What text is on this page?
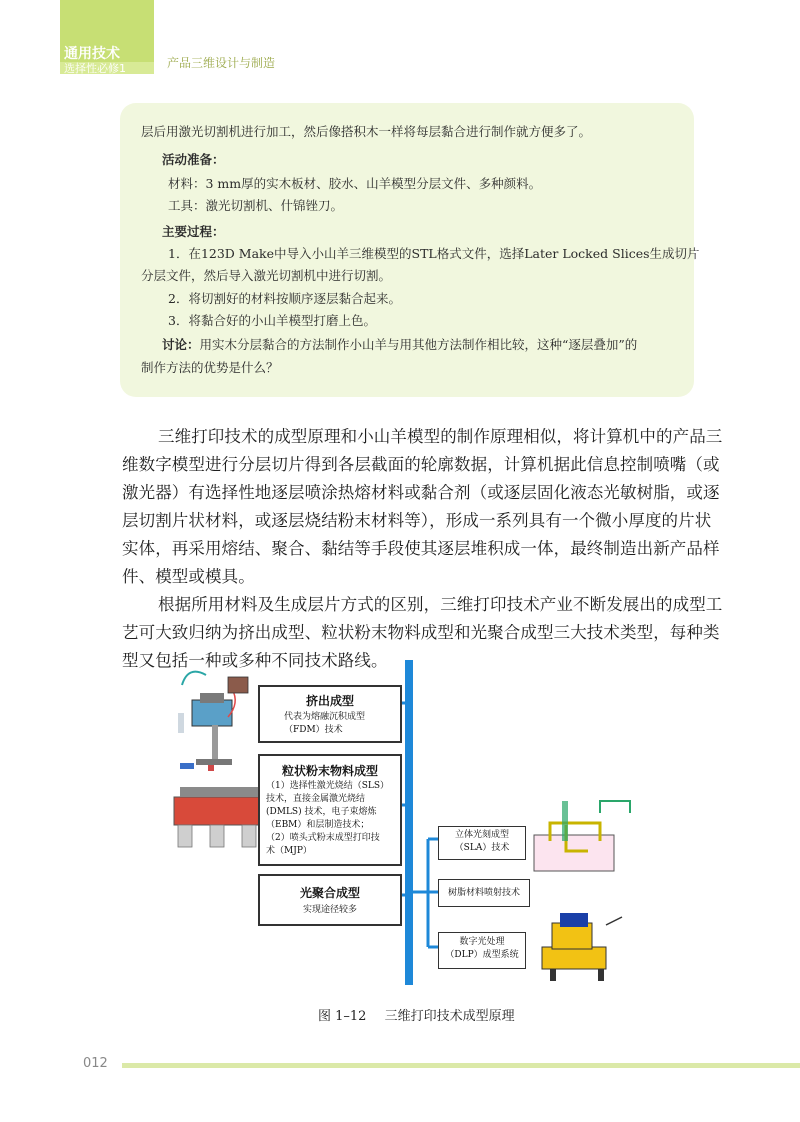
通用技术
选择性必修1	产品三维设计与制造
层后用激光切割机进行加工，然后像搭积木一样将每层黏合进行制作就方便多了。
活动准备：
材料：3 mm厚的实木板材、胶水、山羊模型分层文件、多种颜料。
工具：激光切割机、什锦锉刀。
主要过程：
1．在123D Make中导入小山羊三维模型的STL格式文件，选择Later Locked Slices生成切片
分层文件，然后导入激光切割机中进行切割。
2．将切割好的材料按顺序逐层黏合起来。
3．将黏合好的小山羊模型打磨上色。
讨论：用实木分层黏合的方法制作小山羊与用其他方法制作相比较，这种“逐层叠加”的
制作方法的优势是什么？
三维打印技术的成型原理和小山羊模型的制作原理相似，将计算机中的产品三
维数字模型进行分层切片得到各层截面的轮廓数据，计算机据此信息控制喷嘴（或
激光器）有选择性地逐层喷涂热熔材料或黏合剂（或逐层固化液态光敏树脂，或逐
层切割片状材料，或逐层烧结粉末材料等），形成一系列具有一个微小厚度的片状
实体，再采用熔结、聚合、黏结等手段使其逐层堆积成一体，最终制造出新产品样
件、模型或模具。
根据所用材料及生成层片方式的区别，三维打印技术产业不断发展出的成型工
艺可大致归纳为挤出成型、粒状粉末物料成型和光聚合成型三大技术类型，每种类
型又包括一种或多种不同技术路线。
挤出成型
代表为熔融沉积成型
（FDM）技术
粒状粉末物料成型
（1）选择性激光烧结（SLS）
技术，直接金属激光烧结
(DMLS) 技术，电子束熔炼
（EBM）和层制造技术；
（2）喷头式粉末成型打印技
术（MJP）
光聚合成型
实现途径较多
立体光刻成型
（SLA）技术
树脂材料喷射技术
数字光处理
（DLP）成型系统
图 1–12 三维打印技术成型原理
012
